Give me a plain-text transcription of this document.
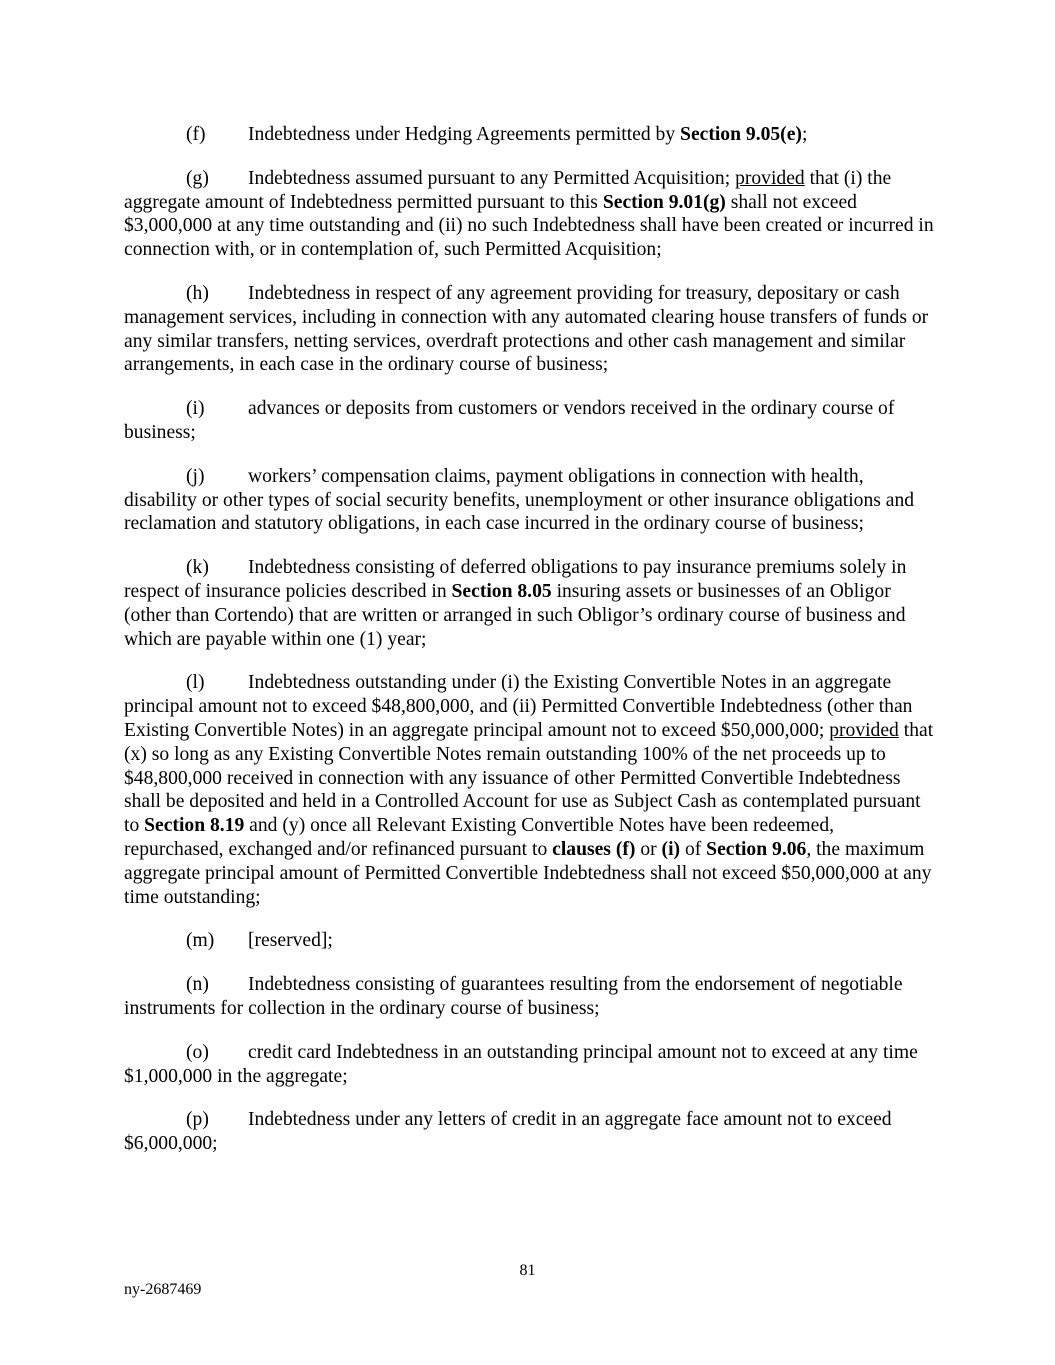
(f) Indebtedness under Hedging Agreements permitted by Section 9.05(e);

(g) Indebtedness assumed pursuant to any Permitted Acquisition; provided that (i) the aggregate amount of Indebtedness permitted pursuant to this Section 9.01(g) shall not exceed $3,000,000 at any time outstanding and (ii) no such Indebtedness shall have been created or incurred in connection with, or in contemplation of, such Permitted Acquisition;

(h) Indebtedness in respect of any agreement providing for treasury, depositary or cash management services, including in connection with any automated clearing house transfers of funds or any similar transfers, netting services, overdraft protections and other cash management and similar arrangements, in each case in the ordinary course of business;

(i) advances or deposits from customers or vendors received in the ordinary course of business;

(j) workers’ compensation claims, payment obligations in connection with health, disability or other types of social security benefits, unemployment or other insurance obligations and reclamation and statutory obligations, in each case incurred in the ordinary course of business;

(k) Indebtedness consisting of deferred obligations to pay insurance premiums solely in respect of insurance policies described in Section 8.05 insuring assets or businesses of an Obligor (other than Cortendo) that are written or arranged in such Obligor’s ordinary course of business and which are payable within one (1) year;

(l) Indebtedness outstanding under (i) the Existing Convertible Notes in an aggregate principal amount not to exceed $48,800,000, and (ii) Permitted Convertible Indebtedness (other than Existing Convertible Notes) in an aggregate principal amount not to exceed $50,000,000; provided that (x) so long as any Existing Convertible Notes remain outstanding 100% of the net proceeds up to $48,800,000 received in connection with any issuance of other Permitted Convertible Indebtedness shall be deposited and held in a Controlled Account for use as Subject Cash as contemplated pursuant to Section 8.19 and (y) once all Relevant Existing Convertible Notes have been redeemed, repurchased, exchanged and/or refinanced pursuant to clauses (f) or (i) of Section 9.06, the maximum aggregate principal amount of Permitted Convertible Indebtedness shall not exceed $50,000,000 at any time outstanding;

(m) [reserved];

(n) Indebtedness consisting of guarantees resulting from the endorsement of negotiable instruments for collection in the ordinary course of business;

(o) credit card Indebtedness in an outstanding principal amount not to exceed at any time $1,000,000 in the aggregate;

(p) Indebtedness under any letters of credit in an aggregate face amount not to exceed $6,000,000;

81
ny-2687469
